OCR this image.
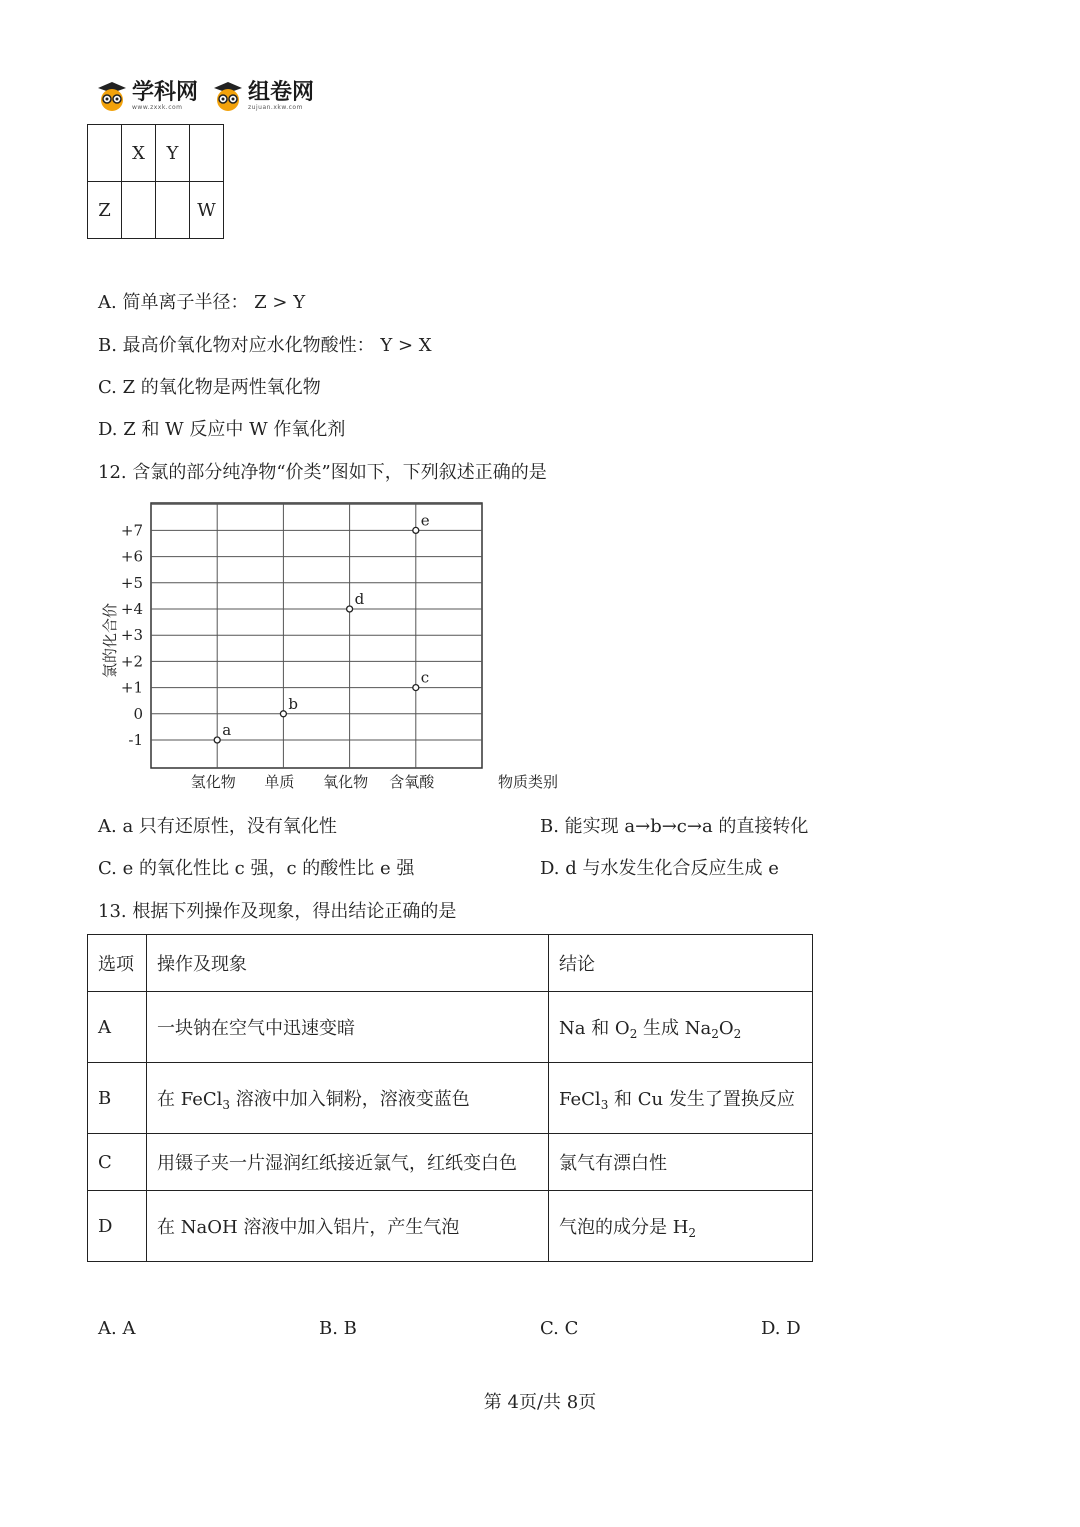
学科网
www.zxxk.com
组卷网
zujuan.xkw.com
	X	Y	
Z			W
A. 简单离子半径： Z > Y
B. 最高价氧化物对应水化物酸性： Y > X
C. Z 的氧化物是两性氧化物
D. Z 和 W 反应中 W 作氧化剂
12. 含氯的部分纯净物“价类”图如下，下列叙述正确的是
+7
+6
+5
+4
+3
+2
+1
0
-1
氢化物 单质 氧化物 含氧酸
a
b
c
d
e
氯的化合价
物质类别
A. a 只有还原性，没有氧化性	B. 能实现 a→b→c→a 的直接转化
C. e 的氧化性比 c 强，c 的酸性比 e 强	D. d 与水发生化合反应生成 e
13. 根据下列操作及现象，得出结论正确的是
选项	操作及现象	结论
A	一块钠在空气中迅速变暗	Na 和 $O_2$ 生成 $Na_2O_2$
B	在 FeCl$_3$ 溶液中加入铜粉，溶液变蓝色	FeCl$_3$ 和 Cu 发生了置换反应
C	用镊子夹一片湿润红纸接近氯气，红纸变白色	氯气有漂白性
D	在 NaOH 溶液中加入铝片，产生气泡	气泡的成分是 $H_2$
A. A	B. B	C. C	D. D
第 4页/共 8页
